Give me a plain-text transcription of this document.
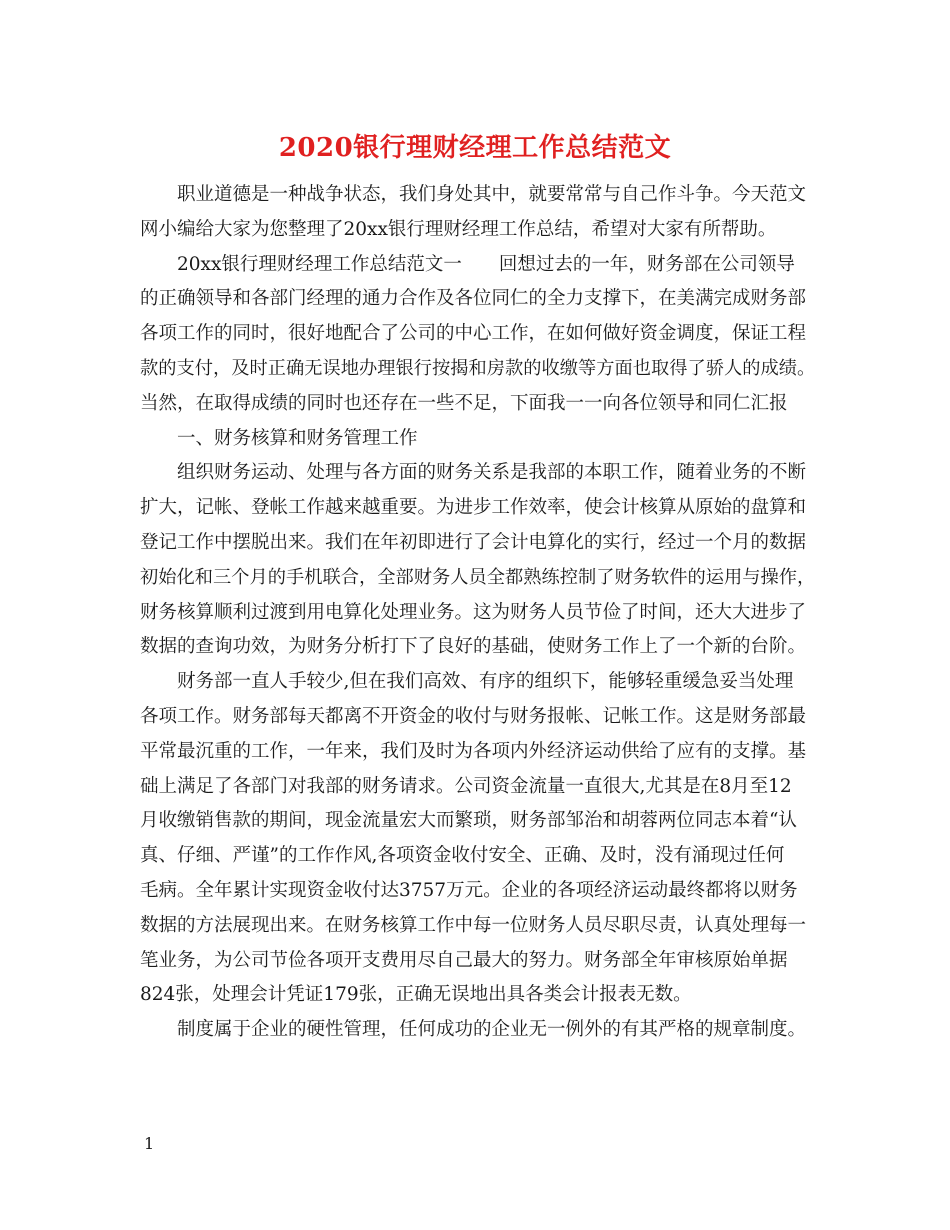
2020银行理财经理工作总结范文
职业道德是一种战争状态，我们身处其中，就要常常与自己作斗争。今天范文
网小编给大家为您整理了20xx银行理财经理工作总结，希望对大家有所帮助。
20xx银行理财经理工作总结范文一　　回想过去的一年，财务部在公司领导
的正确领导和各部门经理的通力合作及各位同仁的全力支撑下，在美满完成财务部
各项工作的同时，很好地配合了公司的中心工作，在如何做好资金调度，保证工程
款的支付，及时正确无误地办理银行按揭和房款的收缴等方面也取得了骄人的成绩。
当然，在取得成绩的同时也还存在一些不足，下面我一一向各位领导和同仁汇报
一、财务核算和财务管理工作
组织财务运动、处理与各方面的财务关系是我部的本职工作，随着业务的不断
扩大，记帐、登帐工作越来越重要。为进步工作效率，使会计核算从原始的盘算和
登记工作中摆脱出来。我们在年初即进行了会计电算化的实行，经过一个月的数据
初始化和三个月的手机联合，全部财务人员全都熟练控制了财务软件的运用与操作，
财务核算顺利过渡到用电算化处理业务。这为财务人员节俭了时间，还大大进步了
数据的查询功效，为财务分析打下了良好的基础，使财务工作上了一个新的台阶。
财务部一直人手较少,但在我们高效、有序的组织下，能够轻重缓急妥当处理
各项工作。财务部每天都离不开资金的收付与财务报帐、记帐工作。这是财务部最
平常最沉重的工作，一年来，我们及时为各项内外经济运动供给了应有的支撑。基
础上满足了各部门对我部的财务请求。公司资金流量一直很大,尤其是在8月至12
月收缴销售款的期间，现金流量宏大而繁琐，财务部邹治和胡蓉两位同志本着“认
真、仔细、严谨”的工作作风,各项资金收付安全、正确、及时，没有涌现过任何
毛病。全年累计实现资金收付达3757万元。企业的各项经济运动最终都将以财务
数据的方法展现出来。在财务核算工作中每一位财务人员尽职尽责，认真处理每一
笔业务，为公司节俭各项开支费用尽自己最大的努力。财务部全年审核原始单据
824张，处理会计凭证179张，正确无误地出具各类会计报表无数。
制度属于企业的硬性管理，任何成功的企业无一例外的有其严格的规章制度。
1
